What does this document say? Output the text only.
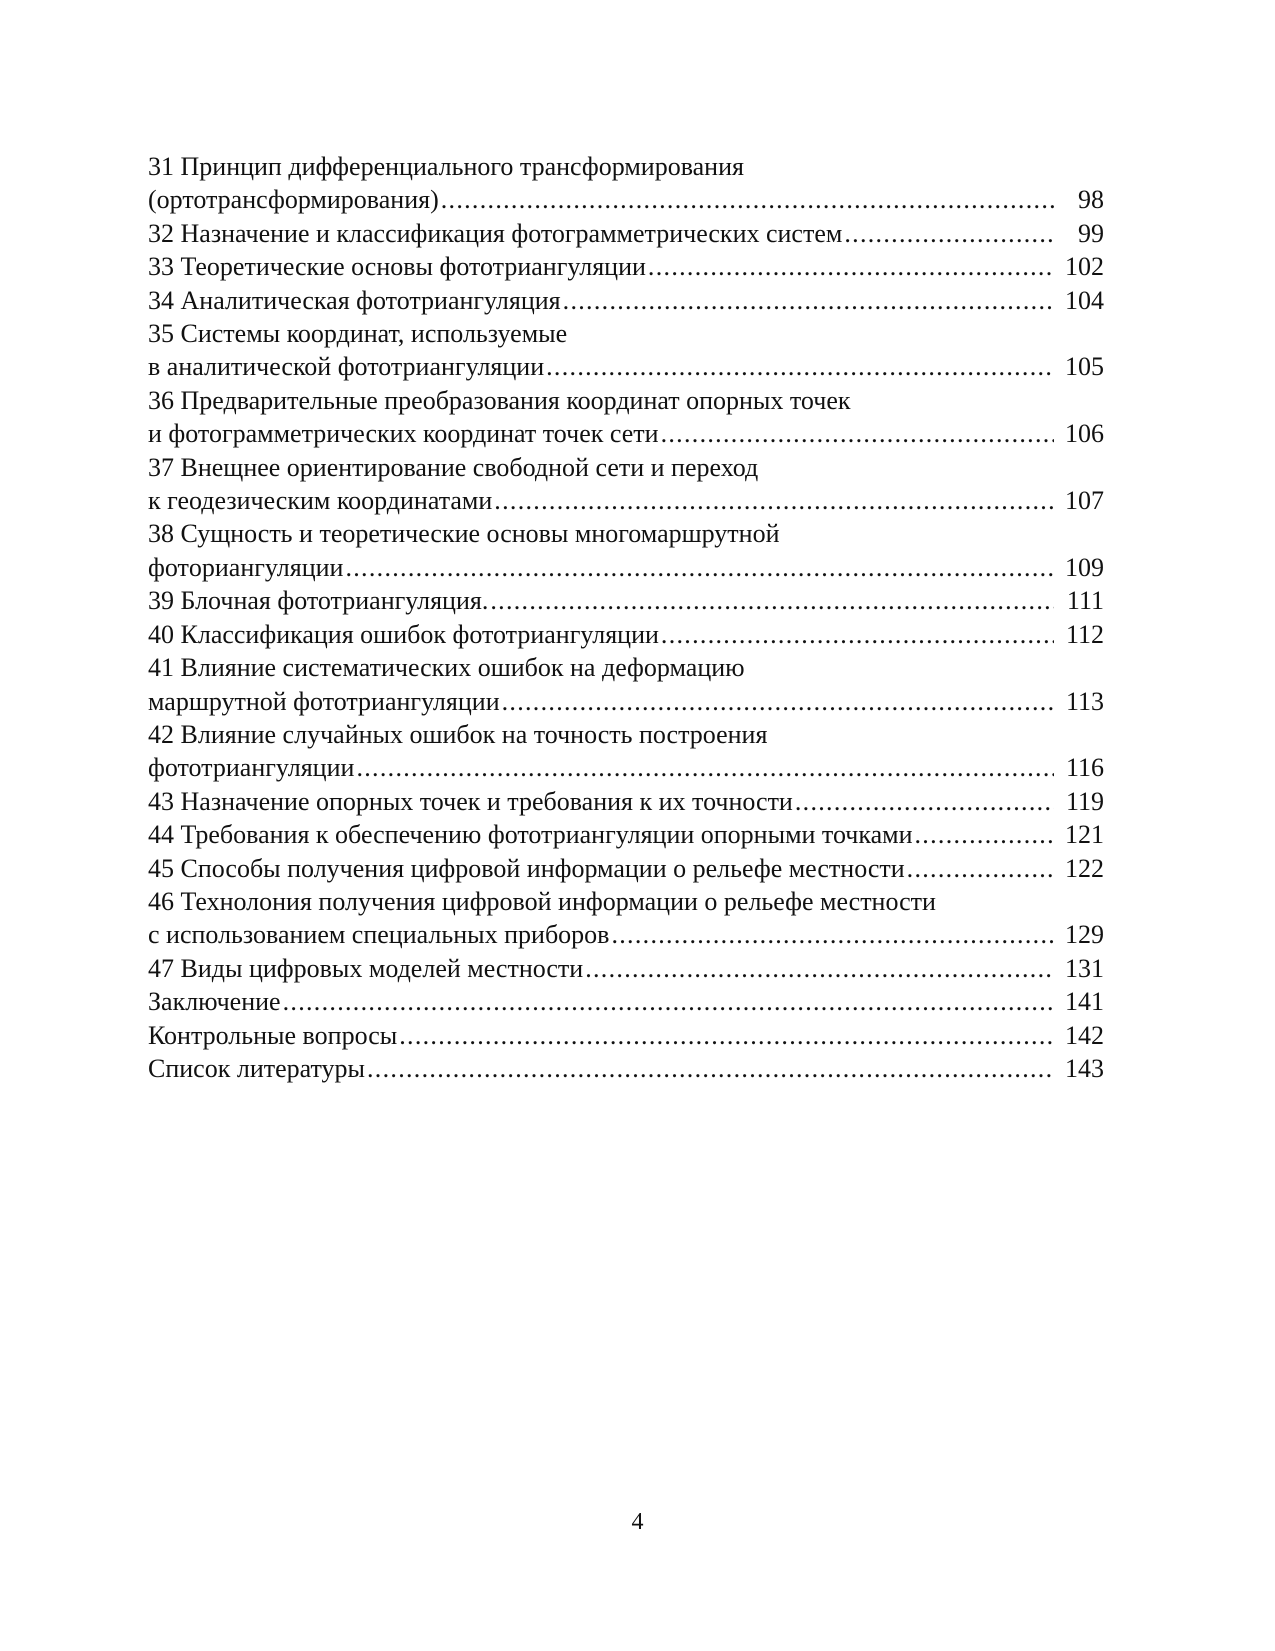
31 Принцип дифференциального трансформирования
(ортотрансформирования) . . .	98
32 Назначение и классификация фотограмметрических систем . . .	99
33 Теоретические основы фототриангуляции . . .	102
34 Аналитическая фототриангуляция . . .	104
35 Системы координат, используемые
в аналитической фототриангуляции . . .	105
36 Предварительные преобразования координат опорных точек
и фотограмметрических координат точек сети . . .	106
37 Внещнее ориентирование свободной сети и переход
к геодезическим координатами . . .	107
38 Сущность и теоретические основы многомаршрутной
фотoриангуляции . . .	109
39 Блочная фототриангуляция. . . .	111
40 Классификация ошибок фототриангуляции . . .	112
41 Влияние систематических ошибок на деформацию
маршрутной фототриангуляции . . .	113
42 Влияние случайных ошибок на точность построения
фототриангуляции . . .	116
43 Назначение опорных точек и требования к их точности . . .	119
44 Требования к обеспечению фототриангуляции опорными точками . . .	121
45 Способы получения цифровой информации о рельефе местности . . .	122
46 Технолония получения цифровой информации о рельефе местности
с использованием специальных приборов . . .	129
47 Виды цифровых моделей местности . . .	131
Заключение . . .	141
Контрольные вопросы . . .	142
Список литературы . . .	143
4
